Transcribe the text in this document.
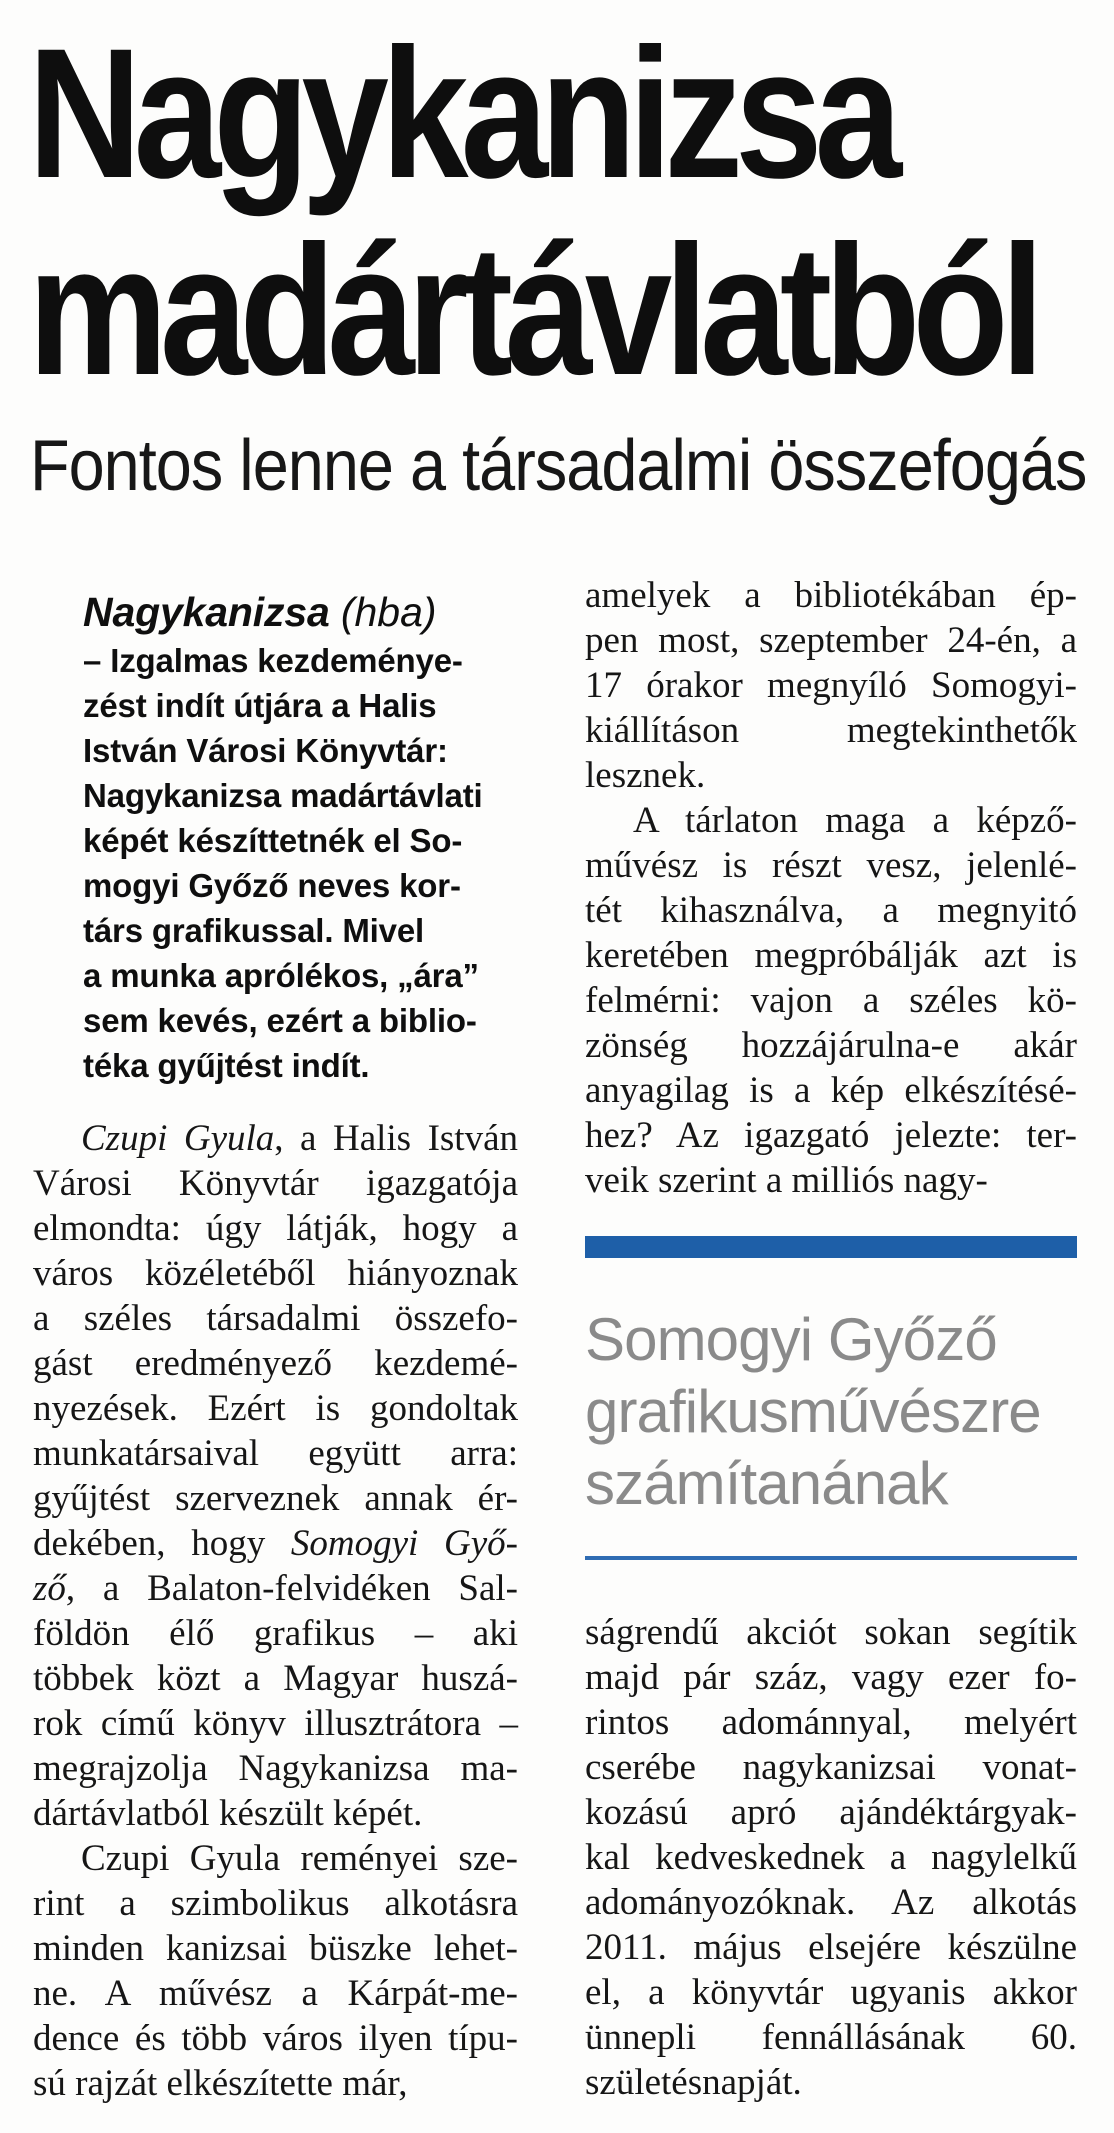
Nagykanizsa
madártávlatból
Fontos lenne a társadalmi összefogás
Nagykanizsa (hba)
– Izgalmas kezdeménye-
zést indít útjára a Halis
István Városi Könyvtár:
Nagykanizsa madártávlati
képét készíttetnék el So-
mogyi Győző neves kor-
társ grafikussal. Mivel
a munka aprólékos, „ára”
sem kevés, ezért a biblio-
téka gyűjtést indít.
Czupi Gyula, a Halis István
Városi Könyvtár igazgatója
elmondta: úgy látják, hogy a
város közéletéből hiányoznak
a széles társadalmi összefo-
gást eredményező kezdemé-
nyezések. Ezért is gondoltak
munkatársaival együtt arra:
gyűjtést szerveznek annak ér-
dekében, hogy Somogyi Győ-
ző, a Balaton-felvidéken Sal-
földön élő grafikus – aki
többek közt a Magyar huszá-
rok című könyv illusztrátora –
megrajzolja Nagykanizsa ma-
dártávlatból készült képét.
Czupi Gyula reményei sze-
rint a szimbolikus alkotásra
minden kanizsai büszke lehet-
ne. A művész a Kárpát-me-
dence és több város ilyen típu-
sú rajzát elkészítette már,
amelyek a bibliotékában ép-
pen most, szeptember 24-én, a
17 órakor megnyíló Somogyi-
kiállításon megtekinthetők
lesznek.
A tárlaton maga a képző-
művész is részt vesz, jelenlé-
tét kihasználva, a megnyitó
keretében megpróbálják azt is
felmérni: vajon a széles kö-
zönség hozzájárulna-e akár
anyagilag is a kép elkészítésé-
hez? Az igazgató jelezte: ter-
veik szerint a milliós nagy-
Somogyi Győző
grafikusművészre
számítanának
ságrendű akciót sokan segítik
majd pár száz, vagy ezer fo-
rintos adománnyal, melyért
cserébe nagykanizsai vonat-
kozású apró ajándéktárgyak-
kal kedveskednek a nagylelkű
adományozóknak. Az alkotás
2011. május elsejére készülne
el, a könyvtár ugyanis akkor
ünnepli fennállásának 60.
születésnapját.
